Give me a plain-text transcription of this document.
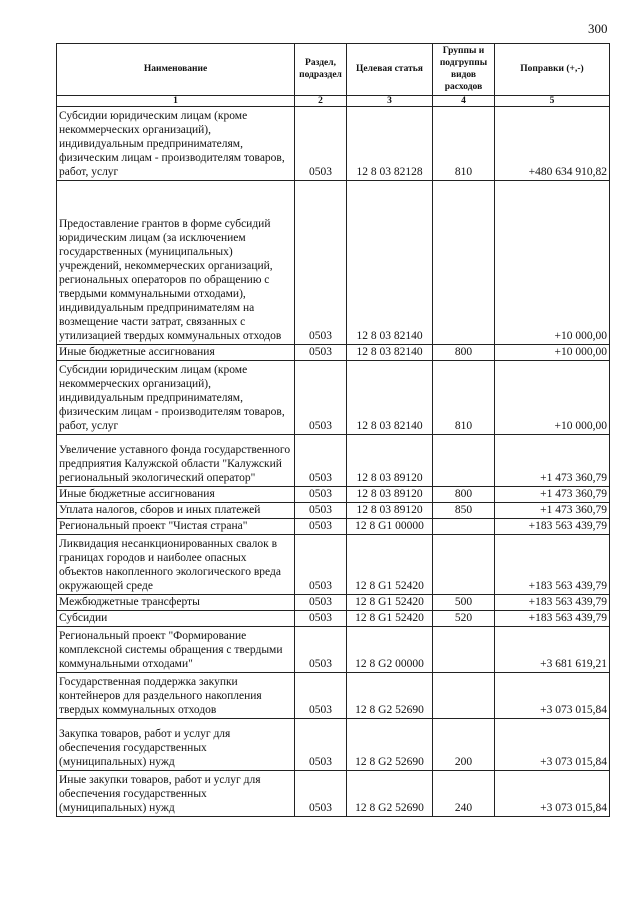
300
Наименование	Раздел, подраздел	Целевая статья	Группы и подгруппы видов расходов	Поправки (+,-)
1	2	3	4	5
Субсидии юридическим лицам (кроме некоммерческих организаций), индивидуальным предпринимателям, физическим лицам - производителям товаров, работ, услуг	0503	12 8 03 82128	810	+480 634 910,82
Предоставление грантов в форме субсидий юридическим лицам (за исключением государственных (муниципальных) учреждений, некоммерческих организаций, региональных операторов по обращению с твердыми коммунальными отходами), индивидуальным предпринимателям на возмещение части затрат, связанных с утилизацией твердых коммунальных отходов	0503	12 8 03 82140		+10 000,00
Иные бюджетные ассигнования	0503	12 8 03 82140	800	+10 000,00
Субсидии юридическим лицам (кроме некоммерческих организаций), индивидуальным предпринимателям, физическим лицам - производителям товаров, работ, услуг	0503	12 8 03 82140	810	+10 000,00
Увеличение уставного фонда государственного предприятия Калужской области "Калужский региональный экологический оператор"	0503	12 8 03 89120		+1 473 360,79
Иные бюджетные ассигнования	0503	12 8 03 89120	800	+1 473 360,79
Уплата налогов, сборов и иных платежей	0503	12 8 03 89120	850	+1 473 360,79
Региональный проект "Чистая страна"	0503	12 8 G1 00000		+183 563 439,79
Ликвидация несанкционированных свалок в границах городов и наиболее опасных объектов накопленного экологического вреда окружающей среде	0503	12 8 G1 52420		+183 563 439,79
Межбюджетные трансферты	0503	12 8 G1 52420	500	+183 563 439,79
Субсидии	0503	12 8 G1 52420	520	+183 563 439,79
Региональный проект "Формирование комплексной системы обращения с твердыми коммунальными отходами"	0503	12 8 G2 00000		+3 681 619,21
Государственная поддержка закупки контейнеров для раздельного накопления твердых коммунальных отходов	0503	12 8 G2 52690		+3 073 015,84
Закупка товаров, работ и услуг для обеспечения государственных (муниципальных) нужд	0503	12 8 G2 52690	200	+3 073 015,84
Иные закупки товаров, работ и услуг для обеспечения государственных (муниципальных) нужд	0503	12 8 G2 52690	240	+3 073 015,84
